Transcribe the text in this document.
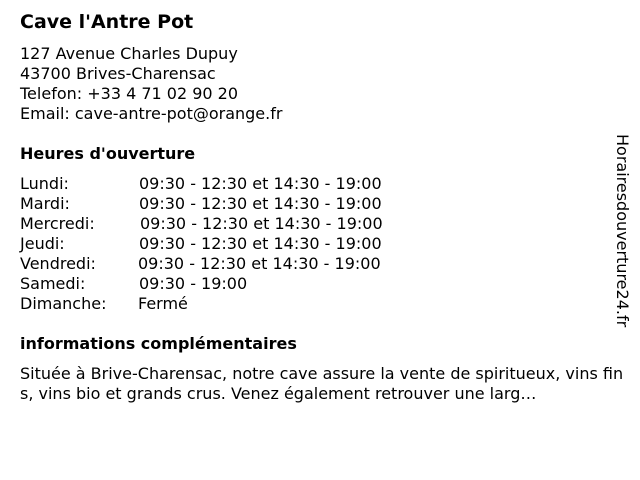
Cave l'Antre Pot
127 Avenue Charles Dupuy
43700 Brives-Charensac
Telefon: +33 4 71 02 90 20
Email: cave-antre-pot@orange.fr
Heures d'ouverture
Lundi:	09:30 - 12:30 et 14:30 - 19:00
Mardi:	09:30 - 12:30 et 14:30 - 19:00
Mercredi:	09:30 - 12:30 et 14:30 - 19:00
Jeudi:	09:30 - 12:30 et 14:30 - 19:00
Vendredi:	09:30 - 12:30 et 14:30 - 19:00
Samedi:	09:30 - 19:00
Dimanche: Fermé
informations complémentaires
Située à Brive-Charensac, notre cave assure la vente de spiritueux, vins fins, vins bio et grands crus. Venez également retrouver une larg…
Horairesdouverture24.fr
